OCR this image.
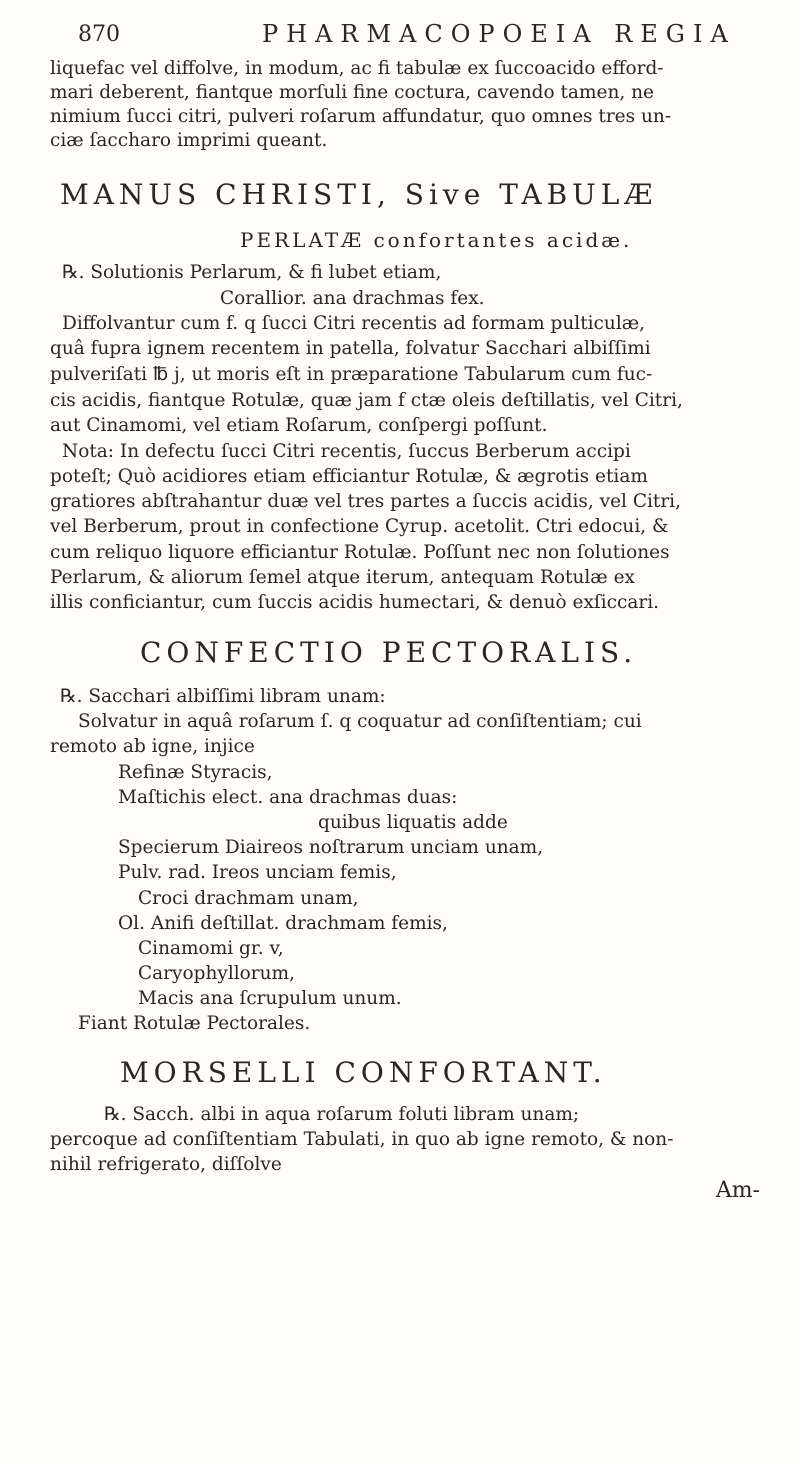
870	PHARMACOPOEIA REGIA
liquefac vel diffolve, in modum, ac fi tabulæ ex ſuccoacido efford-
mari deberent, fiantque morſuli fine coctura, cavendo tamen, ne
nimium ſucci citri, pulveri roſarum affundatur, quo omnes tres un-
ciæ ſaccharo imprimi queant.
MANUS CHRISTI, Sive TABULÆ
PERLATÆ confortantes acidæ.
℞. Solutionis Perlarum, & fi lubet etiam,
Corallior. ana drachmas fex.
Diffolvantur cum f. q ſucci Citri recentis ad formam pulticulæ,
quâ fupra ignem recentem in patella, folvatur Sacchari albiſſimi
pulveriſati ℔ j, ut moris eſt in præparatione Tabularum cum fuc-
cis acidis, fiantque Rotulæ, quæ jam f ctæ oleis deſtillatis, vel Citri,
aut Cinamomi, vel etiam Roſarum, conſpergi poſſunt.
Nota: In defectu ſucci Citri recentis, ſuccus Berberum accipi
poteſt; Quò acidiores etiam efficiantur Rotulæ, & ægrotis etiam
gratiores abſtrahantur duæ vel tres partes a ſuccis acidis, vel Citri,
vel Berberum, prout in confectione Cyrup. acetolit. Ctri edocui, &
cum reliquo liquore efficiantur Rotulæ. Poſſunt nec non ſolutiones
Perlarum, & aliorum ſemel atque iterum, antequam Rotulæ ex
illis conficiantur, cum ſuccis acidis humectari, & denuò exſiccari.
CONFECTIO PECTORALIS.
℞. Sacchari albiſſimi libram unam:
Solvatur in aquâ roſarum ſ. q coquatur ad conſiſtentiam; cui
remoto ab igne, injice
Refinæ Styracis,
Maſtichis elect. ana drachmas duas:
quibus liquatis adde
Specierum Diaireos noſtrarum unciam unam,
Pulv. rad. Ireos unciam femis,
Croci drachmam unam,
Ol. Anifi deſtillat. drachmam femis,
Cinamomi gr. v,
Caryophyllorum,
Macis ana ſcrupulum unum.
Fiant Rotulæ Pectorales.
MORSELLI CONFORTANT.
℞. Sacch. albi in aqua roſarum foluti libram unam;
percoque ad conſiſtentiam Tabulati, in quo ab igne remoto, & non-
nihil refrigerato, diſſolve
Am-
